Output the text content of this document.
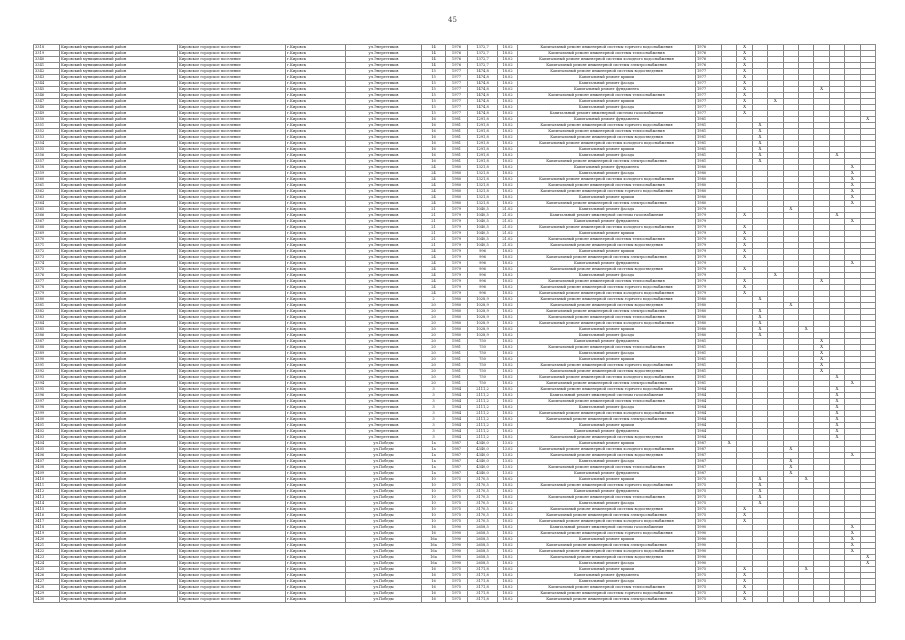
45
3318	Кировский муниципальный район	Кировское городское поселение	г.Кировск	ул.Энергетиков	14	1976	1372,7	18.02	Капитальный ремонт инженерной системы горячего водоснабжения	1976		X								
3319	Кировский муниципальный район	Кировское городское поселение	г.Кировск	ул.Энергетиков	14	1976	1372,7	18.02	Капитальный ремонт инженерной системы теплоснабжения	1976		X								
3340	Кировский муниципальный район	Кировское городское поселение	г.Кировск	ул.Энергетиков	14	1976	1372,7	18.02	Капитальный ремонт инженерной системы холодного водоснабжения	1976		X								
3341	Кировский муниципальный район	Кировское городское поселение	г.Кировск	ул.Энергетиков	14	1976	1372,7	18.02	Капитальный ремонт инженерной системы электроснабжения	1976		X								
3342	Кировский муниципальный район	Кировское городское поселение	г.Кировск	ул.Энергетиков	15	1977	1474,8	18.02	Капитальный ремонт инженерной системы водоотведения	1977		X								
3343	Кировский муниципальный район	Кировское городское поселение	г.Кировск	ул.Энергетиков	15	1977	1474,8	18.02	Капитальный ремонт крыши	1977		X								
3344	Кировский муниципальный район	Кировское городское поселение	г.Кировск	ул.Энергетиков	15	1977	1474,8	18.02	Капитальный ремонт фасада	1977		X								
3345	Кировский муниципальный район	Кировское городское поселение	г.Кировск	ул.Энергетиков	15	1977	1474,8	18.02	Капитальный ремонт фундамента	1977		X					X			
3346	Кировский муниципальный район	Кировское городское поселение	г.Кировск	ул.Энергетиков	15	1977	1474,8	18.02	Капитальный ремонт инженерной системы теплоснабжения	1977		X								
3347	Кировский муниципальный район	Кировское городское поселение	г.Кировск	ул.Энергетиков	15	1977	1474,8	18.02	Капитальный ремонт крыши	1977		X		X						
3348	Кировский муниципальный район	Кировское городское поселение	г.Кировск	ул.Энергетиков	15	1977	1474,8	18.02	Капитальный ремонт фасада	1977		X								
3349	Кировский муниципальный район	Кировское городское поселение	г.Кировск	ул.Энергетиков	15	1977	1474,8	18.02	Капитальный ремонт инженерной системы газоснабжения	1977		X								
3350	Кировский муниципальный район	Кировское городское поселение	г.Кировск	ул.Энергетиков	16	1981	1291,8	18.02	Капитальный ремонт фундамента	1981										X
3351	Кировский муниципальный район	Кировское городское поселение	г.Кировск	ул.Энергетиков	16	1981	1291,8	18.02	Капитальный ремонт инженерной системы горячего водоснабжения	1981			X							
3352	Кировский муниципальный район	Кировское городское поселение	г.Кировск	ул.Энергетиков	16	1981	1291,8	18.02	Капитальный ремонт инженерной системы теплоснабжения	1981			X							
3353	Кировский муниципальный район	Кировское городское поселение	г.Кировск	ул.Энергетиков	16	1981	1291,8	18.02	Капитальный ремонт инженерной системы водоотведения	1981			X							
3354	Кировский муниципальный район	Кировское городское поселение	г.Кировск	ул.Энергетиков	16	1981	1291,8	18.02	Капитальный ремонт инженерной системы холодного водоснабжения	1981			X							
3355	Кировский муниципальный район	Кировское городское поселение	г.Кировск	ул.Энергетиков	16	1981	1291,8	18.02	Капитальный ремонт крыши	1981			X							
3356	Кировский муниципальный район	Кировское городское поселение	г.Кировск	ул.Энергетиков	16	1981	1291,8	18.02	Капитальный ремонт фасада	1981			X					X		
3357	Кировский муниципальный район	Кировское городское поселение	г.Кировск	ул.Энергетиков	16	1981	1291,8	18.02	Капитальный ремонт инженерной системы электроснабжения	1981			X							
3358	Кировский муниципальный район	Кировское городское поселение	г.Кировск	ул.Энергетиков	24	1980	1321,8	18.02	Капитальный ремонт фундамента	1980									X	
3359	Кировский муниципальный район	Кировское городское поселение	г.Кировск	ул.Энергетиков	24	1980	1321,8	18.02	Капитальный ремонт фасада	1980									X	
3360	Кировский муниципальный район	Кировское городское поселение	г.Кировск	ул.Энергетиков	24	1980	1321,8	18.02	Капитальный ремонт инженерной системы холодного водоснабжения	1980									X	
3361	Кировский муниципальный район	Кировское городское поселение	г.Кировск	ул.Энергетиков	24	1980	1321,8	18.02	Капитальный ремонт инженерной системы теплоснабжения	1980									X	
3362	Кировский муниципальный район	Кировское городское поселение	г.Кировск	ул.Энергетиков	24	1980	1321,8	18.02	Капитальный ремонт инженерной системы горячего водоснабжения	1980									X	
3363	Кировский муниципальный район	Кировское городское поселение	г.Кировск	ул.Энергетиков	24	1980	1321,8	18.02	Капитальный ремонт крыши	1980									X	
3364	Кировский муниципальный район	Кировское городское поселение	г.Кировск	ул.Энергетиков	24	1980	1321,8	18.02	Капитальный ремонт инженерной системы электроснабжения	1980									X	
3365	Кировский муниципальный район	Кировское городское поселение	г.Кировск	ул.Энергетиков	21	1979	1040,5	21.02	Капитальный ремонт фасада	1979					X					
3366	Кировский муниципальный район	Кировское городское поселение	г.Кировск	ул.Энергетиков	21	1979	1040,5	21.02	Капитальный ремонт инженерной системы газоснабжения	1979		X						X		
3367	Кировский муниципальный район	Кировское городское поселение	г.Кировск	ул.Энергетиков	21	1979	1040,5	21.02	Капитальный ремонт фундамента	1979									X	
3368	Кировский муниципальный район	Кировское городское поселение	г.Кировск	ул.Энергетиков	21	1979	1040,5	21.02	Капитальный ремонт инженерной системы холодного водоснабжения	1979		X								
3369	Кировский муниципальный район	Кировское городское поселение	г.Кировск	ул.Энергетиков	21	1979	1040,5	21.02	Капитальный ремонт крыши	1979		X								
3370	Кировский муниципальный район	Кировское городское поселение	г.Кировск	ул.Энергетиков	21	1979	1040,5	21.02	Капитальный ремонт инженерной системы теплоснабжения	1979		X								
3371	Кировский муниципальный район	Кировское городское поселение	г.Кировск	ул.Энергетиков	21	1979	1040,5	21.02	Капитальный ремонт инженерной системы водоотведения	1979		X								
3372	Кировский муниципальный район	Кировское городское поселение	г.Кировск	ул.Энергетиков	24	1979	996	18.02	Капитальный ремонт крыши	1979		X								
3373	Кировский муниципальный район	Кировское городское поселение	г.Кировск	ул.Энергетиков	24	1979	996	18.02	Капитальный ремонт инженерной системы электроснабжения	1979		X								
3374	Кировский муниципальный район	Кировское городское поселение	г.Кировск	ул.Энергетиков	24	1979	996	18.02	Капитальный ремонт фундамента	1979									X	
3375	Кировский муниципальный район	Кировское городское поселение	г.Кировск	ул.Энергетиков	24	1979	996	18.02	Капитальный ремонт инженерной системы водоотведения	1979		X								
3376	Кировский муниципальный район	Кировское городское поселение	г.Кировск	ул.Энергетиков	24	1979	996	18.02	Капитальный ремонт фасада	1979				X						
3377	Кировский муниципальный район	Кировское городское поселение	г.Кировск	ул.Энергетиков	24	1979	996	18.02	Капитальный ремонт инженерной системы теплоснабжения	1979		X					X			
3378	Кировский муниципальный район	Кировское городское поселение	г.Кировск	ул.Энергетиков	24	1979	996	18.02	Капитальный ремонт инженерной системы горячего водоснабжения	1979		X								
3379	Кировский муниципальный район	Кировское городское поселение	г.Кировск	ул.Энергетиков	24	1979	996	18.02	Капитальный ремонт инженерной системы холодного водоснабжения	1979		X								
3380	Кировский муниципальный район	Кировское городское поселение	г.Кировск	ул.Энергетиков	2	1980	1028,9	18.02	Капитальный ремонт инженерной системы горячего водоснабжения	1980			X							
3381	Кировский муниципальный район	Кировское городское поселение	г.Кировск	ул.Энергетиков	20	1980	1028,9	18.02	Капитальный ремонт инженерной системы водоотведения	1980					X					
3382	Кировский муниципальный район	Кировское городское поселение	г.Кировск	ул.Энергетиков	20	1980	1028,9	18.02	Капитальный ремонт инженерной системы электроснабжения	1980			X							
3383	Кировский муниципальный район	Кировское городское поселение	г.Кировск	ул.Энергетиков	20	1980	1028,9	18.02	Капитальный ремонт инженерной системы теплоснабжения	1980			X							
3384	Кировский муниципальный район	Кировское городское поселение	г.Кировск	ул.Энергетиков	20	1980	1028,9	18.02	Капитальный ремонт инженерной системы холодного водоснабжения	1980			X							
3385	Кировский муниципальный район	Кировское городское поселение	г.Кировск	ул.Энергетиков	20	1980	1028,9	18.02	Капитальный ремонт крыши	1980			X			X				
3386	Кировский муниципальный район	Кировское городское поселение	г.Кировск	ул.Энергетиков	20	1980	1028,9	18.02	Капитальный ремонт фасада	1980			X							
3387	Кировский муниципальный район	Кировское городское поселение	г.Кировск	ул.Энергетиков	20	1981	750	18.02	Капитальный ремонт фундамента	1981							X			
3388	Кировский муниципальный район	Кировское городское поселение	г.Кировск	ул.Энергетиков	20	1981	750	18.02	Капитальный ремонт инженерной системы теплоснабжения	1981							X			
3389	Кировский муниципальный район	Кировское городское поселение	г.Кировск	ул.Энергетиков	20	1981	750	18.02	Капитальный ремонт фасада	1981							X			
3390	Кировский муниципальный район	Кировское городское поселение	г.Кировск	ул.Энергетиков	20	1981	750	18.02	Капитальный ремонт крыши	1981							X			
3391	Кировский муниципальный район	Кировское городское поселение	г.Кировск	ул.Энергетиков	20	1981	750	18.02	Капитальный ремонт инженерной системы горячего водоснабжения	1981							X			
3392	Кировский муниципальный район	Кировское городское поселение	г.Кировск	ул.Энергетиков	20	1981	750	18.02	Капитальный ремонт инженерной системы водоотведения	1981							X			
3393	Кировский муниципальный район	Кировское городское поселение	г.Кировск	ул.Энергетиков	20	1981	750	18.02	Капитальный ремонт инженерной системы холодного водоснабжения	1981								X		
3394	Кировский муниципальный район	Кировское городское поселение	г.Кировск	ул.Энергетиков	20	1981	750	18.02	Капитальный ремонт инженерной системы электроснабжения	1981									X	
3395	Кировский муниципальный район	Кировское городское поселение	г.Кировск	ул.Энергетиков	3	1984	2111,2	18.02	Капитальный ремонт инженерной системы горячего водоснабжения	1984								X		
3396	Кировский муниципальный район	Кировское городское поселение	г.Кировск	ул.Энергетиков	3	1984	2111,2	18.02	Капитальный ремонт инженерной системы газоснабжения	1984								X		
3397	Кировский муниципальный район	Кировское городское поселение	г.Кировск	ул.Энергетиков	3	1984	2111,2	18.02	Капитальный ремонт инженерной системы теплоснабжения	1984								X		
3398	Кировский муниципальный район	Кировское городское поселение	г.Кировск	ул.Энергетиков	3	1984	2111,2	18.02	Капитальный ремонт фасада	1984								X		
3399	Кировский муниципальный район	Кировское городское поселение	г.Кировск	ул.Энергетиков	3	1984	2111,2	18.02	Капитальный ремонт инженерной системы холодного водоснабжения	1984								X		
3400	Кировский муниципальный район	Кировское городское поселение	г.Кировск	ул.Энергетиков	3	1984	2111,2	18.02	Капитальный ремонт инженерной системы электроснабжения	1984								X		
3401	Кировский муниципальный район	Кировское городское поселение	г.Кировск	ул.Энергетиков	3	1984	2111,2	18.02	Капитальный ремонт крыши	1984								X		
3402	Кировский муниципальный район	Кировское городское поселение	г.Кировск	ул.Энергетиков	3	1984	2111,2	18.02	Капитальный ремонт фундамента	1984								X		
3403	Кировский муниципальный район	Кировское городское поселение	г.Кировск	ул.Энергетиков	3	1984	2111,2	18.02	Капитальный ремонт инженерной системы водоотведения	1984								X		
3404	Кировский муниципальный район	Кировское городское поселение	г.Кировск	ул.Победы	1а	1987	4340,0	13.02	Капитальный ремонт крыши	1987	X									
3405	Кировский муниципальный район	Кировское городское поселение	г.Кировск	ул.Победы	1а	1987	4340,0	13.02	Капитальный ремонт инженерной системы холодного водоснабжения	1987					X					
3406	Кировский муниципальный район	Кировское городское поселение	г.Кировск	ул.Победы	1а	1987	4340,0	13.02	Капитальный ремонт инженерной системы водоотведения	1987									X	
3407	Кировский муниципальный район	Кировское городское поселение	г.Кировск	ул.Победы	1а	1987	4340,0	13.02	Капитальный ремонт фасада	1987					X					
3408	Кировский муниципальный район	Кировское городское поселение	г.Кировск	ул.Победы	1а	1987	4340,0	13.02	Капитальный ремонт инженерной системы теплоснабжения	1987					X					
3409	Кировский муниципальный район	Кировское городское поселение	г.Кировск	ул.Победы	1а	1987	4340,0	13.02	Капитальный ремонт фундамента	1987					X					
3410	Кировский муниципальный район	Кировское городское поселение	г.Кировск	ул.Победы	10	1975	3170,5	18.02	Капитальный ремонт крыши	1975			X			X				
3411	Кировский муниципальный район	Кировское городское поселение	г.Кировск	ул.Победы	10	1975	3170,5	18.02	Капитальный ремонт инженерной системы горячего водоснабжения	1975			X							
3412	Кировский муниципальный район	Кировское городское поселение	г.Кировск	ул.Победы	10	1975	3170,5	18.02	Капитальный ремонт фундамента	1975			X							
3413	Кировский муниципальный район	Кировское городское поселение	г.Кировск	ул.Победы	10	1975	3170,5	18.02	Капитальный ремонт инженерной системы теплоснабжения	1975			X							
3414	Кировский муниципальный район	Кировское городское поселение	г.Кировск	ул.Победы	10	1975	3170,5	18.02	Капитальный ремонт фасада	1975			X							
3415	Кировский муниципальный район	Кировское городское поселение	г.Кировск	ул.Победы	10	1975	3170,5	18.02	Капитальный ремонт инженерной системы водоотведения	1975		X								
3416	Кировский муниципальный район	Кировское городское поселение	г.Кировск	ул.Победы	10	1975	3170,5	18.02	Капитальный ремонт инженерной системы электроснабжения	1975		X								
3417	Кировский муниципальный район	Кировское городское поселение	г.Кировск	ул.Победы	10	1975	3170,5	18.02	Капитальный ремонт инженерной системы холодного водоснабжения	1975		X								
3418	Кировский муниципальный район	Кировское городское поселение	г.Кировск	ул.Победы	16	1990	2658,5	18.02	Капитальный ремонт инженерной системы газоснабжения	1990									X	
3419	Кировский муниципальный район	Кировское городское поселение	г.Кировск	ул.Победы	16	1990	2658,5	18.02	Капитальный ремонт инженерной системы горячего водоснабжения	1990									X	
3420	Кировский муниципальный район	Кировское городское поселение	г.Кировск	ул.Победы	16а	1990	2658,5	18.02	Капитальный ремонт крыши	1990									X	
3421	Кировский муниципальный район	Кировское городское поселение	г.Кировск	ул.Победы	16а	1990	2658,5	18.02	Капитальный ремонт инженерной системы электроснабжения	1990									X	
3422	Кировский муниципальный район	Кировское городское поселение	г.Кировск	ул.Победы	16а	1990	2658,5	18.02	Капитальный ремонт инженерной системы холодного водоснабжения	1990									X	
3423	Кировский муниципальный район	Кировское городское поселение	г.Кировск	ул.Победы	16а	1990	2658,5	18.02	Капитальный ремонт инженерной системы водоотведения	1990										X
3424	Кировский муниципальный район	Кировское городское поселение	г.Кировск	ул.Победы	16а	1990	2658,5	18.02	Капитальный ремонт фасада	1990										X
3425	Кировский муниципальный район	Кировское городское поселение	г.Кировск	ул.Победы	16	1975	3171,8	18.02	Капитальный ремонт крыши	1975		X				X				
3426	Кировский муниципальный район	Кировское городское поселение	г.Кировск	ул.Победы	16	1975	3171,8	18.02	Капитальный ремонт фундамента	1975		X								
3427	Кировский муниципальный район	Кировское городское поселение	г.Кировск	ул.Победы	16	1975	3171,8	18.02	Капитальный ремонт фасада	1975		X								
3428	Кировский муниципальный район	Кировское городское поселение	г.Кировск	ул.Победы	16	1975	3171,8	18.02	Капитальный ремонт инженерной системы теплоснабжения	1975		X								
3429	Кировский муниципальный район	Кировское городское поселение	г.Кировск	ул.Победы	16	1975	3171,8	18.02	Капитальный ремонт инженерной системы горячего водоснабжения	1975		X								
3430	Кировский муниципальный район	Кировское городское поселение	г.Кировск	ул.Победы	16	1975	3171,8	18.02	Капитальный ремонт инженерной системы электроснабжения	1975		X								
